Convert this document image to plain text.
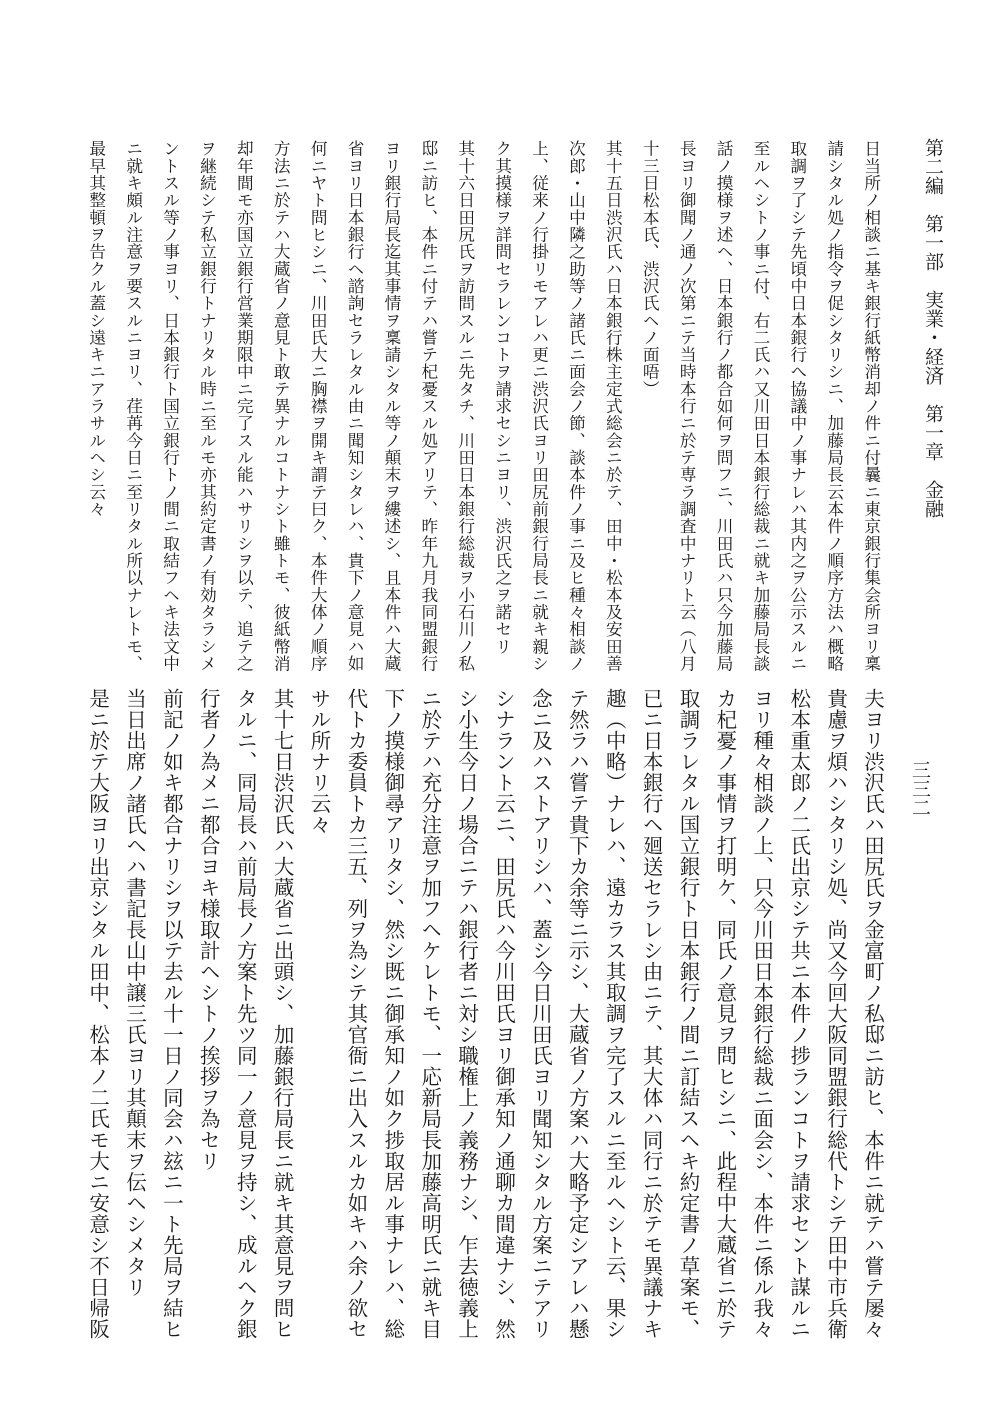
第二編　第一部　実業・経済　第一章　金融
三三二
日当所ノ相談ニ基キ銀行紙幣消却ノ件ニ付曩ニ東京銀行集会所ヨリ稟
請シタル処ノ指令ヲ促シタリシニ、加藤局長云本件ノ順序方法ハ概略
取調ヲ了シテ先頃中日本銀行へ協議中ノ事ナレハ其内之ヲ公示スルニ
至ルヘシトノ事ニ付、右二氏ハ又川田日本銀行総裁ニ就キ加藤局長談
話ノ摸様ヲ述ヘ、日本銀行ノ都合如何ヲ問フニ、川田氏ハ只今加藤局
長ヨリ御聞ノ通ノ次第ニテ当時本行ニ於テ専ラ調査中ナリト云（八月
十三日松本氏、渋沢氏ヘノ面唔）
其十五日渋沢氏ハ日本銀行株主定式総会ニ於テ、田中・松本及安田善
次郎・山中隣之助等ノ諸氏ニ面会ノ節、談本件ノ事ニ及ヒ種々相談ノ
上、従来ノ行掛リモアレハ更ニ渋沢氏ヨリ田尻前銀行局長ニ就キ親シ
ク其摸様ヲ詳問セラレンコトヲ請求セシニヨリ、渋沢氏之ヲ諾セリ
其十六日田尻氏ヲ訪問スルニ先タチ、川田日本銀行総裁ヲ小石川ノ私
邸ニ訪ヒ、本件ニ付テハ嘗テ杞憂スル処アリテ、昨年九月我同盟銀行
ヨリ銀行局長迄其事情ヲ稟請シタル等ノ顛末ヲ縷述シ、且本件ハ大蔵
省ヨリ日本銀行ヘ諮詢セラレタル由ニ聞知シタレハ、貴下ノ意見ハ如
何ニヤト問ヒシニ、川田氏大ニ胸襟ヲ開キ謂テ曰ク、本件大体ノ順序
方法ニ於テハ大蔵省ノ意見ト敢テ異ナルコトナシト雖トモ、彼紙幣消
却年間モ亦国立銀行営業期限中ニ完了スル能ハサリシヲ以テ、追テ之
ヲ継続シテ私立銀行トナリタル時ニ至ルモ亦其約定書ノ有効タラシメ
ントスル等ノ事ヨリ、日本銀行ト国立銀行トノ間ニ取結フヘキ法文中
ニ就キ頗ル注意ヲ要スルニヨリ、荏苒今日ニ至リタル所以ナレトモ、
最早其整頓ヲ告クル蓋シ遠キニアラサルヘシ云々
夫ヨリ渋沢氏ハ田尻氏ヲ金富町ノ私邸ニ訪ヒ、本件ニ就テハ嘗テ屡々
貴慮ヲ煩ハシタリシ処、尚又今回大阪同盟銀行総代トシテ田中市兵衛
松本重太郎ノ二氏出京シテ共ニ本件ノ捗ランコトヲ請求セント謀ルニ
ヨリ種々相談ノ上、只今川田日本銀行総裁ニ面会シ、本件ニ係ル我々
カ杞憂ノ事情ヲ打明ケ、同氏ノ意見ヲ問ヒシニ、此程中大蔵省ニ於テ
取調ラレタル国立銀行ト日本銀行ノ間ニ訂結スヘキ約定書ノ草案モ、
已ニ日本銀行ヘ廻送セラレシ由ニテ、其大体ハ同行ニ於テモ異議ナキ
趣（中略）ナレハ、遠カラス其取調ヲ完了スルニ至ルヘシト云、果シ
テ然ラハ嘗テ貴下カ余等ニ示シ、大蔵省ノ方案ハ大略予定シアレハ懸
念ニ及ハストアリシハ、蓋シ今日川田氏ヨリ聞知シタル方案ニテアリ
シナラント云ニ、田尻氏ハ今川田氏ヨリ御承知ノ通聊カ間違ナシ、然
シ小生今日ノ場合ニテハ銀行者ニ対シ職権上ノ義務ナシ、乍去徳義上
ニ於テハ充分注意ヲ加フヘケレトモ、一応新局長加藤高明氏ニ就キ目
下ノ摸様御尋アリタシ、然シ既ニ御承知ノ如ク捗取居ル事ナレハ、総
代トカ委員トカ三五、列ヲ為シテ其官衙ニ出入スルカ如キハ余ノ欲セ
サル所ナリ云々
其十七日渋沢氏ハ大蔵省ニ出頭シ、加藤銀行局長ニ就キ其意見ヲ問ヒ
タルニ、同局長ハ前局長ノ方案ト先ツ同一ノ意見ヲ持シ、成ルヘク銀
行者ノ為メニ都合ヨキ様取計ヘシトノ挨拶ヲ為セリ
前記ノ如キ都合ナリシヲ以テ去ル十一日ノ同会ハ玆ニ一ト先局ヲ結ヒ
当日出席ノ諸氏ヘハ書記長山中譲三氏ヨリ其顛末ヲ伝ヘシメタリ
是ニ於テ大阪ヨリ出京シタル田中、松本ノ二氏モ大ニ安意シ不日帰阪
